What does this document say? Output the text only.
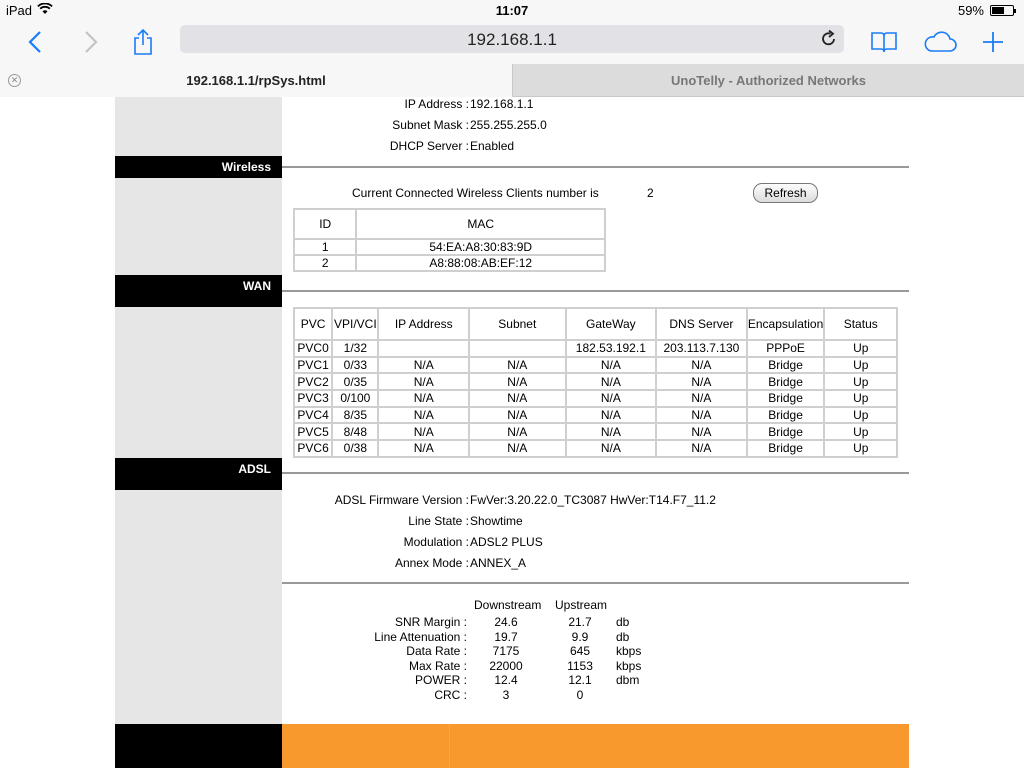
iPad	11:07	59%
192.168.1.1
✕	192.168.1.1/rpSys.html	UnoTelly - Authorized Networks
IP Address : 192.168.1.1
Subnet Mask : 255.255.255.0
DHCP Server : Enabled
Wireless
Current Connected Wireless Clients number is	2	Refresh
ID	MAC
1	54:EA:A8:30:83:9D
2	A8:88:08:AB:EF:12
WAN
PVC	VPI/VCI	IP Address	Subnet	GateWay	DNS Server	Encapsulation	Status
PVC0	1/32			182.53.192.1	203.113.7.130	PPPoE	Up
PVC1	0/33	N/A	N/A	N/A	N/A	Bridge	Up
PVC2	0/35	N/A	N/A	N/A	N/A	Bridge	Up
PVC3	0/100	N/A	N/A	N/A	N/A	Bridge	Up
PVC4	8/35	N/A	N/A	N/A	N/A	Bridge	Up
PVC5	8/48	N/A	N/A	N/A	N/A	Bridge	Up
PVC6	0/38	N/A	N/A	N/A	N/A	Bridge	Up
ADSL
ADSL Firmware Version : FwVer:3.20.22.0_TC3087 HwVer:T14.F7_11.2
Line State : Showtime
Modulation : ADSL2 PLUS
Annex Mode : ANNEX_A
Downstream Upstream
SNR Margin :	24.6	21.7	db
Line Attenuation :	19.7	9.9	db
Data Rate :	7175	645	kbps
Max Rate :	22000	1153	kbps
POWER :	12.4	12.1	dbm
CRC :	3	0
